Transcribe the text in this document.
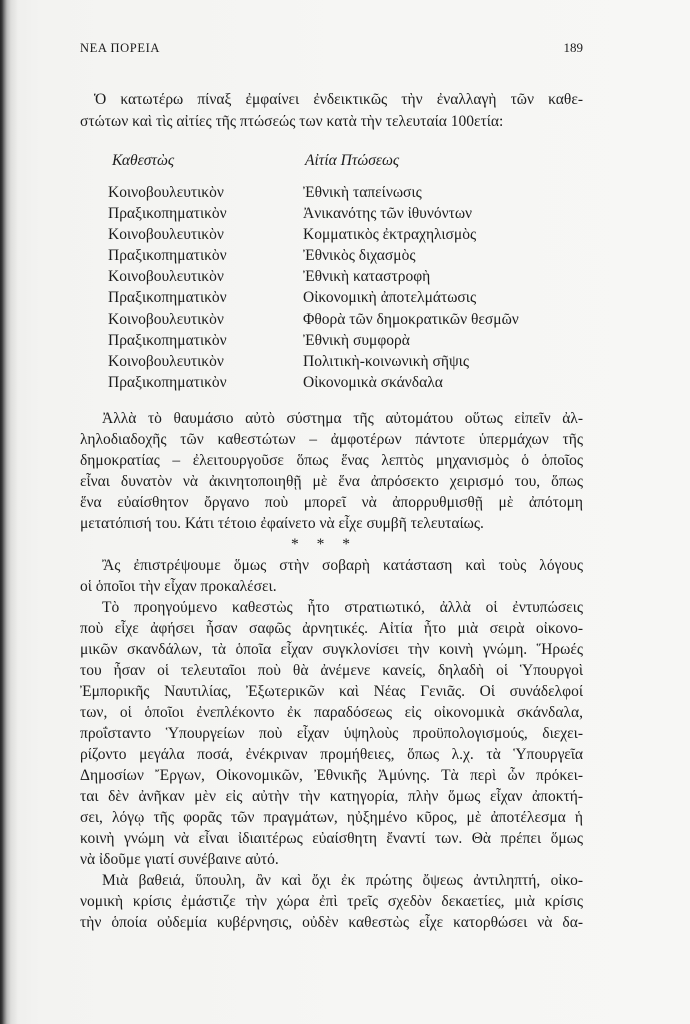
ΝΕΑ ΠΟΡΕΙΑ	189
Ὁ κατωτέρω πίναξ ἐμφαίνει ἐνδεικτικῶς τὴν ἐναλλαγὴ τῶν καθε-
στώτων καὶ τὶς αἰτίες τῆς πτώσεώς των κατὰ τὴν τελευταία 100ετία:
Καθεστὼς	Αἰτία Πτώσεως
Κοινοβουλευτικὸν	Ἐθνικὴ ταπείνωσις
Πραξικοπηματικὸν	Ἀνικανότης τῶν ἰθυνόντων
Κοινοβουλευτικὸν	Κομματικὸς ἐκτραχηλισμὸς
Πραξικοπηματικὸν	Ἐθνικὸς διχασμὸς
Κοινοβουλευτικὸν	Ἐθνικὴ καταστροφὴ
Πραξικοπηματικὸν	Οἰκονομικὴ ἀποτελμάτωσις
Κοινοβουλευτικὸν	Φθορὰ τῶν δημοκρατικῶν θεσμῶν
Πραξικοπηματικὸν	Ἐθνικὴ συμφορὰ
Κοινοβουλευτικὸν	Πολιτικὴ-κοινωνικὴ σῆψις
Πραξικοπηματικὸν	Οἰκονομικὰ σκάνδαλα
Ἀλλὰ τὸ θαυμάσιο αὐτὸ σύστημα τῆς αὐτομάτου οὕτως εἰπεῖν ἀλ-
ληλοδιαδοχῆς τῶν καθεστώτων – ἀμφοτέρων πάντοτε ὑπερμάχων τῆς
δημοκρατίας – ἐλειτουργοῦσε ὅπως ἕνας λεπτὸς μηχανισμὸς ὁ ὁποῖος
εἶναι δυνατὸν νὰ ἀκινητοποιηθῇ μὲ ἕνα ἀπρόσεκτο χειρισμό του, ὅπως
ἕνα εὐαίσθητον ὄργανο ποὺ μπορεῖ νὰ ἀπορρυθμισθῇ μὲ ἀπότομη
μετατόπισή του. Κάτι τέτοιο ἐφαίνετο νὰ εἶχε συμβῆ τελευταίως.
* * *
Ἂς ἐπιστρέψουμε ὅμως στὴν σοβαρὴ κατάσταση καὶ τοὺς λόγους
οἱ ὁποῖοι τὴν εἶχαν προκαλέσει.
Τὸ προηγούμενο καθεστὼς ἦτο στρατιωτικό, ἀλλὰ οἱ ἐντυπώσεις
ποὺ εἶχε ἀφήσει ἦσαν σαφῶς ἀρνητικές. Αἰτία ἦτο μιὰ σειρὰ οἰκονο-
μικῶν σκανδάλων, τὰ ὁποῖα εἶχαν συγκλονίσει τὴν κοινὴ γνώμη. Ἥρωές
του ἦσαν οἱ τελευταῖοι ποὺ θὰ ἀνέμενε κανείς, δηλαδὴ οἱ Ὑπουργοὶ
Ἐμπορικῆς Ναυτιλίας, Ἐξωτερικῶν καὶ Νέας Γενιᾶς. Οἱ συνάδελφοί
των, οἱ ὁποῖοι ἐνεπλέκοντο ἐκ παραδόσεως εἰς οἰκονομικὰ σκάνδαλα,
προΐσταντο Ὑπουργείων ποὺ εἶχαν ὑψηλοὺς προϋπολογισμούς, διεχει-
ρίζοντο μεγάλα ποσά, ἐνέκριναν προμήθειες, ὅπως λ.χ. τὰ Ὑπουργεῖα
Δημοσίων Ἔργων, Οἰκονομικῶν, Ἐθνικῆς Ἀμύνης. Τὰ περὶ ὧν πρόκει-
ται δὲν ἀνῆκαν μὲν εἰς αὐτὴν τὴν κατηγορία, πλὴν ὅμως εἶχαν ἀποκτή-
σει, λόγῳ τῆς φορᾶς τῶν πραγμάτων, ηὐξημένο κῦρος, μὲ ἀποτέλεσμα ἡ
κοινὴ γνώμη νὰ εἶναι ἰδιαιτέρως εὐαίσθητη ἔναντί των. Θὰ πρέπει ὅμως
νὰ ἰδοῦμε γιατί συνέβαινε αὐτό.
Μιὰ βαθειά, ὕπουλη, ἂν καὶ ὄχι ἐκ πρώτης ὄψεως ἀντιληπτή, οἰκο-
νομικὴ κρίσις ἐμάστιζε τὴν χώρα ἐπὶ τρεῖς σχεδὸν δεκαετίες, μιὰ κρίσις
τὴν ὁποία οὐδεμία κυβέρνησις, οὐδὲν καθεστὼς εἶχε κατορθώσει νὰ δα-
